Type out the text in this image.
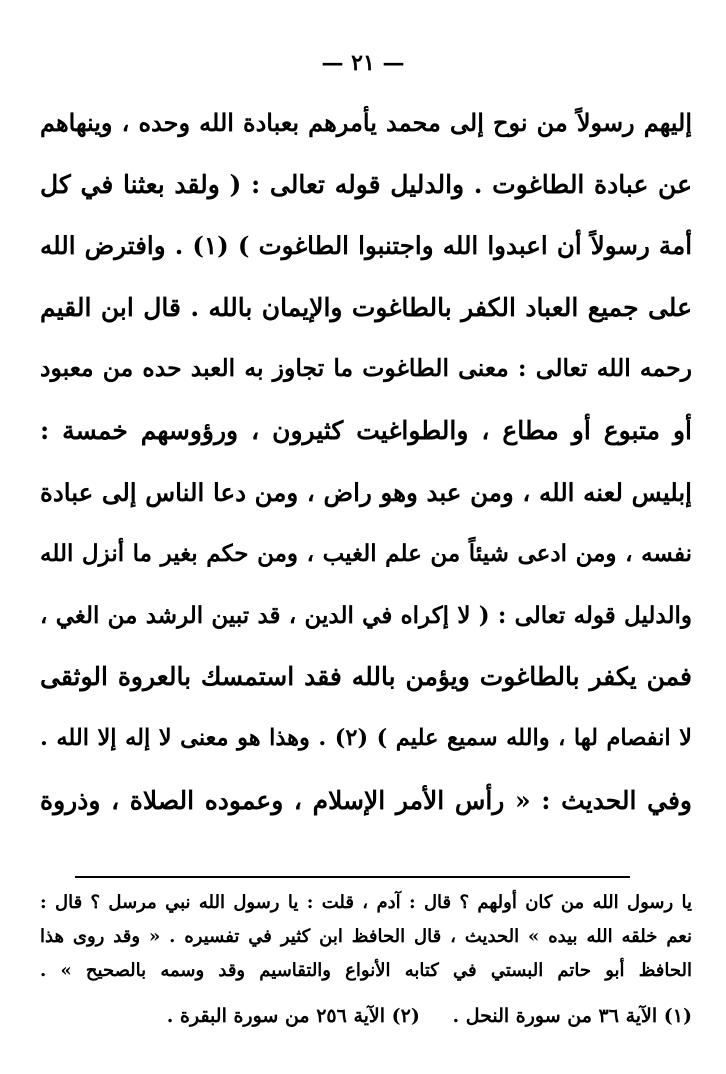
— ٢١ —
إليهم رسولاً من نوح إلى محمد يأمرهم بعبادة الله وحده ، وينهاهم
عن عبادة الطاغوت . والدليل قوله تعالى : ( ولقد بعثنا في كل
أمة رسولاً أن اعبدوا الله واجتنبوا الطاغوت ) (١) . وافترض الله
على جميع العباد الكفر بالطاغوت والإيمان بالله . قال ابن القيم
رحمه الله تعالى : معنى الطاغوت ما تجاوز به العبد حده من معبود
أو متبوع أو مطاع ، والطواغيت كثيرون ، ورؤوسهم خمسة :
إبليس لعنه الله ، ومن عبد وهو راض ، ومن دعا الناس إلى عبادة
نفسه ، ومن ادعى شيئاً من علم الغيب ، ومن حكم بغير ما أنزل الله
والدليل قوله تعالى : ( لا إكراه في الدين ، قد تبين الرشد من الغي ،
فمن يكفر بالطاغوت ويؤمن بالله فقد استمسك بالعروة الوثقى
لا انفصام لها ، والله سميع عليم ) (٢) . وهذا هو معنى لا إله إلا الله .
وفي الحديث : « رأس الأمر الإسلام ، وعموده الصلاة ، وذروة
يا رسول الله من كان أولهم ؟ قال : آدم ، قلت : يا رسول الله نبي مرسل ؟ قال :
نعم خلقه الله بيده » الحديث ، قال الحافظ ابن كثير في تفسيره . « وقد روى هذا
الحافظ أبو حاتم البستي في كتابه الأنواع والتقاسيم وقد وسمه بالصحيح » .
(١) الآية ٣٦ من سورة النحل . (٢) الآية ٢٥٦ من سورة البقرة .
